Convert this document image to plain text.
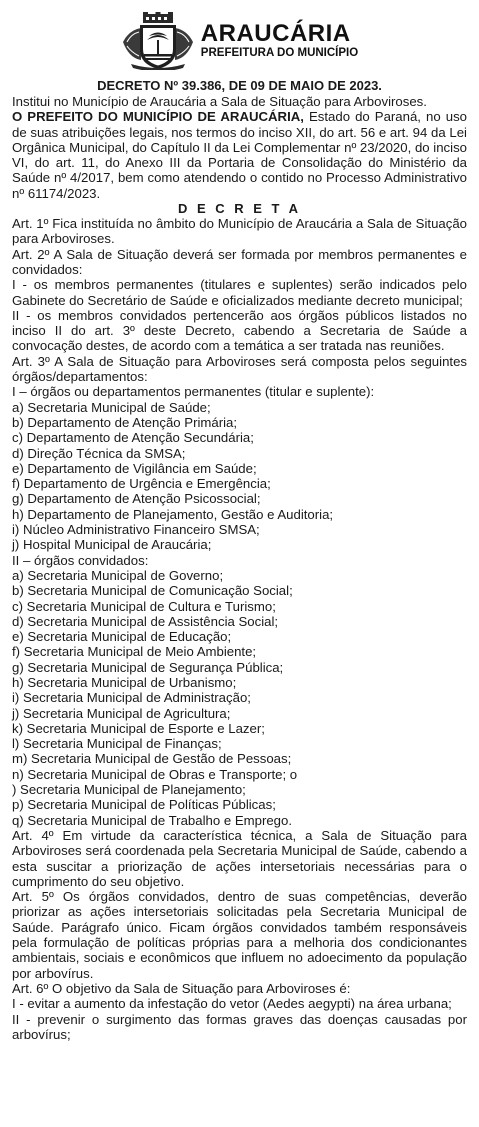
ARAUCÁRIA
PREFEITURA DO MUNICÍPIO
DECRETO Nº 39.386, DE 09 DE MAIO DE 2023.

Institui no Município de Araucária a Sala de Situação para Arboviroses.

O PREFEITO DO MUNICÍPIO DE ARAUCÁRIA, Estado do Paraná, no uso de suas atribuições legais, nos termos do inciso XII, do art. 56 e art. 94 da Lei Orgânica Municipal, do Capítulo II da Lei Complementar nº 23/2020, do inciso VI, do art. 11, do Anexo III da Portaria de Consolidação do Ministério da Saúde nº 4/2017, bem como atendendo o contido no Processo Administrativo nº 61174/2023.

D E C R E T A

Art. 1º Fica instituída no âmbito do Município de Araucária a Sala de Situação para Arboviroses.

Art. 2º A Sala de Situação deverá ser formada por membros permanentes e convidados:

I - os membros permanentes (titulares e suplentes) serão indicados pelo Gabinete do Secretário de Saúde e oficializados mediante decreto municipal;

II - os membros convidados pertencerão aos órgãos públicos listados no inciso II do art. 3º deste Decreto, cabendo a Secretaria de Saúde a convocação destes, de acordo com a temática a ser tratada nas reuniões.

Art. 3º A Sala de Situação para Arboviroses será composta pelos seguintes órgãos/departamentos:

I – órgãos ou departamentos permanentes (titular e suplente):

a) Secretaria Municipal de Saúde;

b) Departamento de Atenção Primária;

c) Departamento de Atenção Secundária;

d) Direção Técnica da SMSA;

e) Departamento de Vigilância em Saúde;

f) Departamento de Urgência e Emergência;

g) Departamento de Atenção Psicossocial;

h) Departamento de Planejamento, Gestão e Auditoria;

i) Núcleo Administrativo Financeiro SMSA;

j) Hospital Municipal de Araucária;

II – órgãos convidados:

a) Secretaria Municipal de Governo;

b) Secretaria Municipal de Comunicação Social;

c) Secretaria Municipal de Cultura e Turismo;

d) Secretaria Municipal de Assistência Social;

e) Secretaria Municipal de Educação;

f) Secretaria Municipal de Meio Ambiente;

g) Secretaria Municipal de Segurança Pública;

h) Secretaria Municipal de Urbanismo;

i) Secretaria Municipal de Administração;

j) Secretaria Municipal de Agricultura;

k) Secretaria Municipal de Esporte e Lazer;

l) Secretaria Municipal de Finanças;

m) Secretaria Municipal de Gestão de Pessoas;

n) Secretaria Municipal de Obras e Transporte; o

) Secretaria Municipal de Planejamento;

p) Secretaria Municipal de Políticas Públicas;

q) Secretaria Municipal de Trabalho e Emprego.

Art. 4º Em virtude da característica técnica, a Sala de Situação para Arboviroses será coordenada pela Secretaria Municipal de Saúde, cabendo a esta suscitar a priorização de ações intersetoriais necessárias para o cumprimento do seu objetivo.

Art. 5º Os órgãos convidados, dentro de suas competências, deverão priorizar as ações intersetoriais solicitadas pela Secretaria Municipal de Saúde. Parágrafo único. Ficam órgãos convidados também responsáveis pela formulação de políticas próprias para a melhoria dos condicionantes ambientais, sociais e econômicos que influem no adoecimento da população por arbovírus.

Art. 6º O objetivo da Sala de Situação para Arboviroses é:

I - evitar a aumento da infestação do vetor (Aedes aegypti) na área urbana;

II - prevenir o surgimento das formas graves das doenças causadas por arbovírus;
